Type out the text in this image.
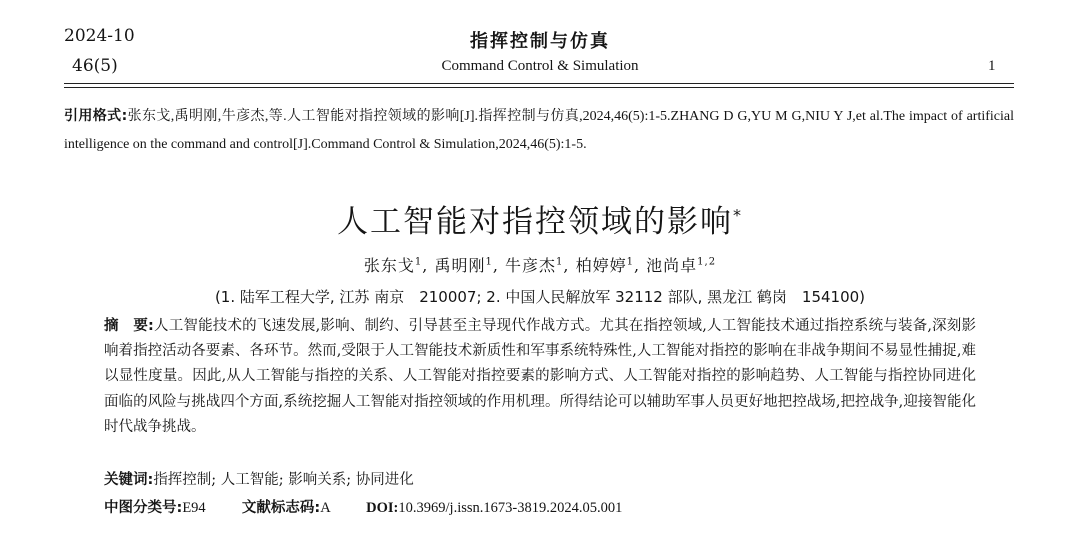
2024-10
46(5)
指挥控制与仿真
Command Control & Simulation	1
引用格式:张东戈,禹明刚,牛彦杰,等.人工智能对指控领域的影响[J].指挥控制与仿真,2024,46(5):1-5.ZHANG D G,YU M G,NIU Y J,et al.The impact of artificial intelligence on the command and control[J].Command Control & Simulation,2024,46(5):1-5.
人工智能对指控领域的影响*
张东戈$^1$, 禹明刚$^1$, 牛彦杰$^1$, 柏婷婷$^1$, 池尚卓$^{1,2}$
(1. 陆军工程大学, 江苏 南京　210007; 2. 中国人民解放军 32112 部队, 黑龙江 鹤岗　154100)
摘　要:人工智能技术的飞速发展,影响、制约、引导甚至主导现代作战方式。尤其在指控领域,人工智能技术通过指控系统与装备,深刻影响着指控活动各要素、各环节。然而,受限于人工智能技术新质性和军事系统特殊性,人工智能对指控的影响在非战争期间不易显性捕捉,难以显性度量。因此,从人工智能与指控的关系、人工智能对指控要素的影响方式、人工智能对指控的影响趋势、人工智能与指控协同进化面临的风险与挑战四个方面,系统挖掘人工智能对指控领域的作用机理。所得结论可以辅助军事人员更好地把控战场,把控战争,迎接智能化时代战争挑战。
关键词:指挥控制; 人工智能; 影响关系; 协同进化
中图分类号:E94	文献标志码:A	DOI:10.3969/j.issn.1673-3819.2024.05.001
